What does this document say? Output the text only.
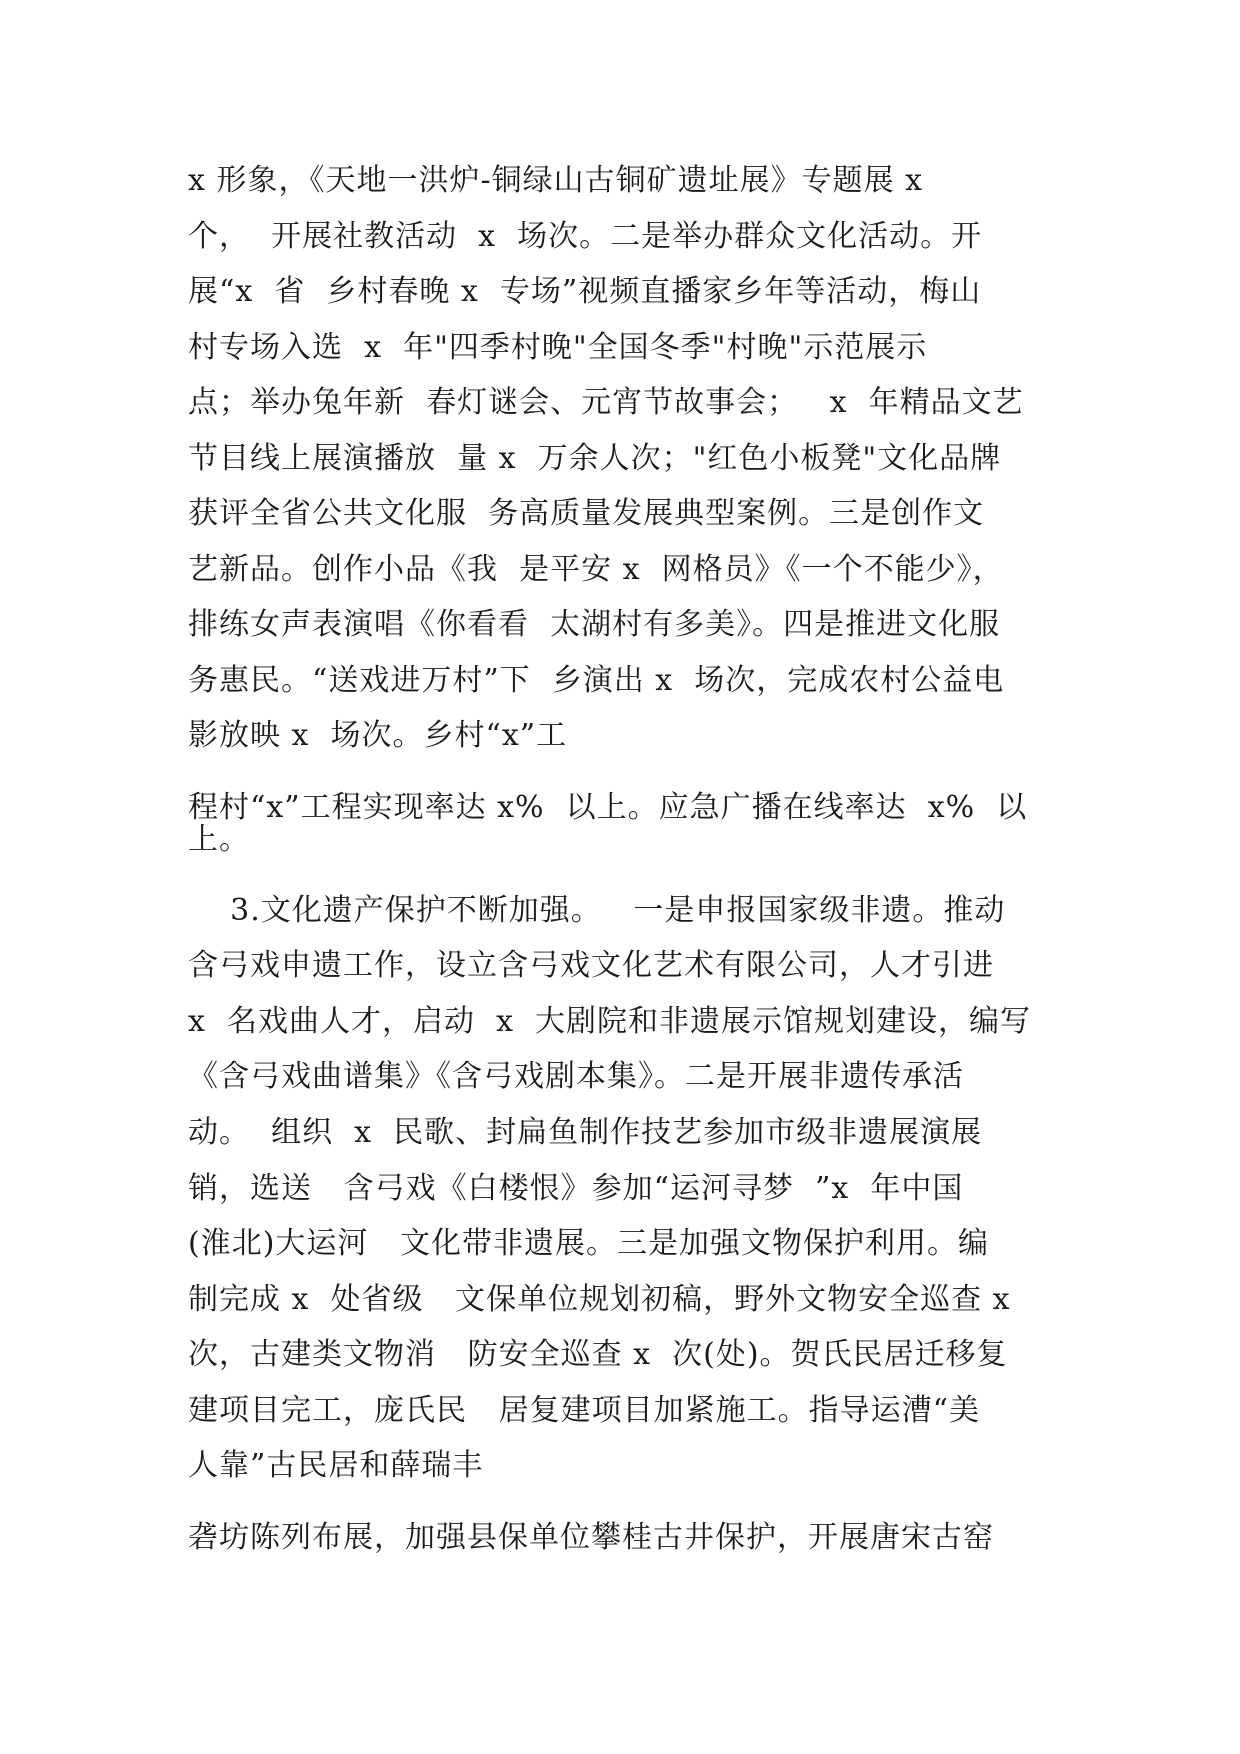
x 形象，《天地一洪炉-铜绿山古铜矿遗址展》专题展 x
个，  开展社教活动  x  场次。二是举办群众文化活动。开
展“x  省  乡村春晚 x  专场”视频直播家乡年等活动，梅山
村专场入选  x  年"四季村晚"全国冬季"村晚"示范展示
点；举办兔年新  春灯谜会、元宵节故事会；   x  年精品文艺
节目线上展演播放  量 x  万余人次；"红色小板凳"文化品牌
获评全省公共文化服  务高质量发展典型案例。三是创作文
艺新品。创作小品《我  是平安 x  网格员》《一个不能少》，
排练女声表演唱《你看看  太湖村有多美》。四是推进文化服
务惠民。“送戏进万村”下  乡演出 x  场次，完成农村公益电
影放映 x  场次。乡村“x”工
程村“x”工程实现率达 x%  以上。应急广播在线率达  x%  以
上。
3.文化遗产保护不断加强。   一是申报国家级非遗。推动
含弓戏申遗工作，设立含弓戏文化艺术有限公司，人才引进
x  名戏曲人才，启动  x  大剧院和非遗展示馆规划建设，编写
《含弓戏曲谱集》《含弓戏剧本集》。二是开展非遗传承活
动。  组织  x  民歌、封扁鱼制作技艺参加市级非遗展演展
销，选送   含弓戏《白楼恨》参加“运河寻梦  ”x  年中国
(淮北)大运河   文化带非遗展。三是加强文物保护利用。编
制完成 x  处省级   文保单位规划初稿，野外文物安全巡查 x
次，古建类文物消   防安全巡查 x  次(处)。贺氏民居迁移复
建项目完工，庞氏民   居复建项目加紧施工。指导运漕“美
人靠”古民居和薛瑞丰
砻坊陈列布展，加强县保单位攀桂古井保护，开展唐宋古窑
